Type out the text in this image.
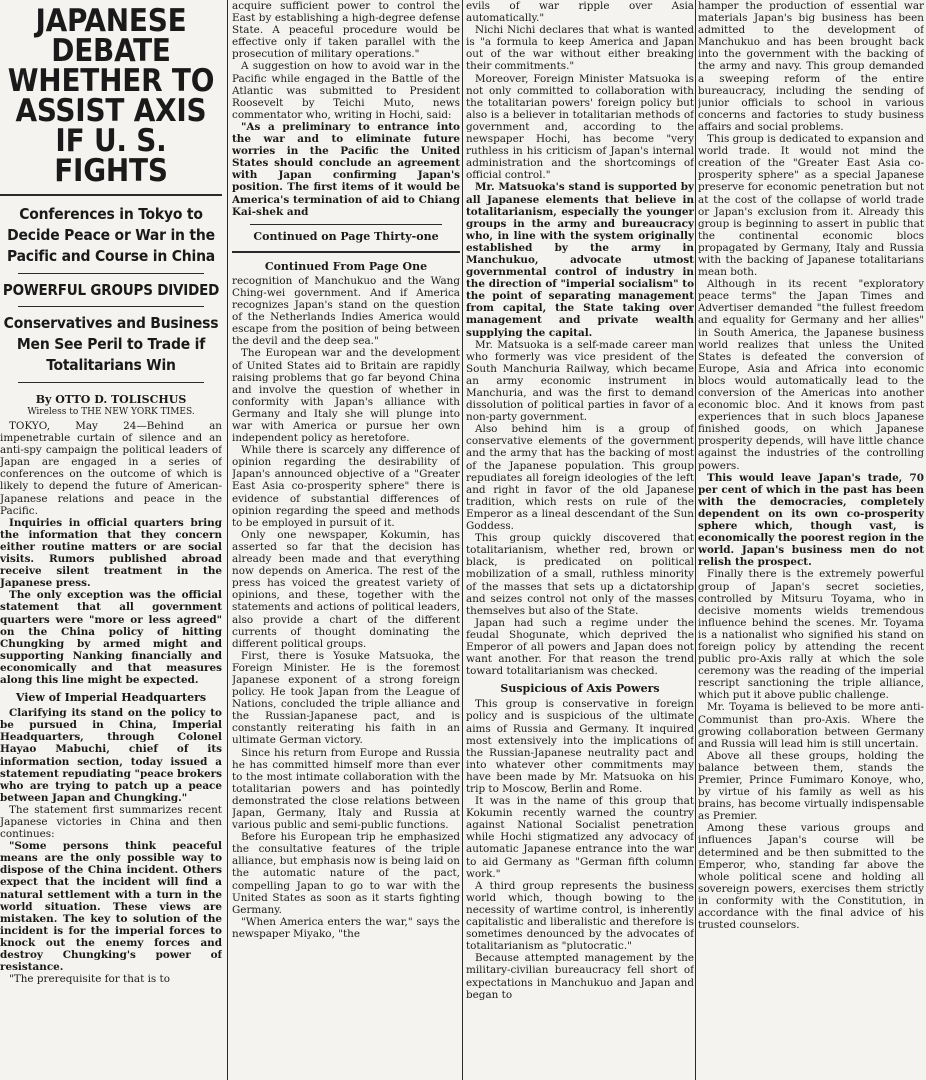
JAPANESE DEBATE WHETHER TO ASSIST AXIS IF U. S. FIGHTS
Conferences in Tokyo to Decide Peace or War in the Pacific and Course in China
POWERFUL GROUPS DIVIDED
Conservatives and Business Men See Peril to Trade if Totalitarians Win
By OTTO D. TOLISCHUS
Wireless to THE NEW YORK TIMES.

TOKYO, May 24—Behind an impenetrable curtain of silence and an anti-spy campaign the political leaders of Japan are engaged in a series of conferences on the outcome of which is likely to depend the future of American-Japanese relations and peace in the Pacific.

Inquiries in official quarters bring the information that they concern either routine matters or are social visits. Rumors published abroad receive silent treatment in the Japanese press.

The only exception was the official statement that all government quarters were "more or less agreed" on the China policy of hitting Chungking by armed might and supporting Nanking financially and economically and that measures along this line might be expected.

View of Imperial Headquarters

Clarifying its stand on the policy to be pursued in China, Imperial Headquarters, through Colonel Hayao Mabuchi, chief of its information section, today issued a statement repudiating "peace brokers who are trying to patch up a peace between Japan and Chungking."

The statement first summarizes recent Japanese victories in China and then continues:

"Some persons think peaceful means are the only possible way to dispose of the China incident. Others expect that the incident will find a natural settlement with a turn in the world situation. These views are mistaken. The key to solution of the incident is for the imperial forces to knock out the enemy forces and destroy Chungking's power of resistance.

"The prerequisite for that is to

acquire sufficient power to control the East by establishing a high-degree defense State. A peaceful procedure would be effective only if taken parallel with the prosecution of military operations."

A suggestion on how to avoid war in the Pacific while engaged in the Battle of the Atlantic was submitted to President Roosevelt by Teichi Muto, news commentator who, writing in Hochi, said:

"As a preliminary to entrance into the war and to eliminate future worries in the Pacific the United States should conclude an agreement with Japan confirming Japan's position. The first items of it would be America's termination of aid to Chiang Kai-shek and

Continued on Page Thirty-one

Continued From Page One

recognition of Manchukuo and the Wang Ching-wei government. And if America recognizes Japan's stand on the question of the Netherlands Indies America would escape from the position of being between the devil and the deep sea."

The European war and the development of United States aid to Britain are rapidly raising problems that go far beyond China and involve the question of whether in conformity with Japan's alliance with Germany and Italy she will plunge into war with America or pursue her own independent policy as heretofore.

While there is scarcely any difference of opinion regarding the desirability of Japan's announced objective of a "Greater East Asia co-prosperity sphere" there is evidence of substantial differences of opinion regarding the speed and methods to be employed in pursuit of it.

Only one newspaper, Kokumin, has asserted so far that the decision has already been made and that everything now depends on America. The rest of the press has voiced the greatest variety of opinions, and these, together with the statements and actions of political leaders, also provide a chart of the different currents of thought dominating the different political groups.

First, there is Yosuke Matsuoka, the Foreign Minister. He is the foremost Japanese exponent of a strong foreign policy. He took Japan from the League of Nations, concluded the triple alliance and the Russian-Japanese pact, and is constantly reiterating his faith in an ultimate German victory.

Since his return from Europe and Russia he has committed himself more than ever to the most intimate collaboration with the totalitarian powers and has pointedly demonstrated the close relations between Japan, Germany, Italy and Russia at various public and semi-public functions.

Before his European trip he emphasized the consultative features of the triple alliance, but emphasis now is being laid on the automatic nature of the pact, compelling Japan to go to war with the United States as soon as it starts fighting Germany.

"When America enters the war," says the newspaper Miyako, "the

evils of war ripple over Asia automatically."

Nichi Nichi declares that what is wanted is "a formula to keep America and Japan out of the war without either breaking their commitments."

Moreover, Foreign Minister Matsuoka is not only committed to collaboration with the totalitarian powers' foreign policy but also is a believer in totalitarian methods of government and, according to the newspaper Hochi, has become "very ruthless in his criticism of Japan's internal administration and the shortcomings of official control."

Mr. Matsuoka's stand is supported by all Japanese elements that believe in totalitarianism, especially the younger groups in the army and bureaucracy who, in line with the system originally established by the army in Manchukuo, advocate utmost governmental control of industry in the direction of "imperial socialism" to the point of separating management from capital, the State taking over management and private wealth supplying the capital.

Mr. Matsuoka is a self-made career man who formerly was vice president of the South Manchuria Railway, which became an army economic instrument in Manchuria, and was the first to demand dissolution of political parties in favor of a non-party government.

Also behind him is a group of conservative elements of the government and the army that has the backing of most of the Japanese population. This group repudiates all foreign ideologies of the left and right in favor of the old Japanese tradition, which rests on rule of the Emperor as a lineal descendant of the Sun Goddess.

This group quickly discovered that totalitarianism, whether red, brown or black, is predicated on political mobilization of a small, ruthless minority of the masses that sets up a dictatorship and seizes control not only of the masses themselves but also of the State.

Japan had such a regime under the feudal Shogunate, which deprived the Emperor of all powers and Japan does not want another. For that reason the trend toward totalitarianism was checked.

Suspicious of Axis Powers

This group is conservative in foreign policy and is suspicious of the ultimate aims of Russia and Germany. It inquired most extensively into the implications of the Russian-Japanese neutrality pact and into whatever other commitments may have been made by Mr. Matsuoka on his trip to Moscow, Berlin and Rome.

It was in the name of this group that Kokumin recently warned the country against National Socialist penetration while Hochi stigmatized any advocacy of automatic Japanese entrance into the war to aid Germany as "German fifth column work."

A third group represents the business world which, though bowing to the necessity of wartime control, is inherently capitalistic and liberalistic and therefore is sometimes denounced by the advocates of totalitarianism as "plutocratic."

Because attempted management by the military-civilian bureaucracy fell short of expectations in Manchukuo and Japan and began to

hamper the production of essential war materials Japan's big business has been admitted to the development of Manchukuo and has been brought back into the government with the backing of the army and navy. This group demanded a sweeping reform of the entire bureaucracy, including the sending of junior officials to school in various concerns and factories to study business affairs and social problems.

This group is dedicated to expansion and world trade. It would not mind the creation of the "Greater East Asia co-prosperity sphere" as a special Japanese preserve for economic penetration but not at the cost of the collapse of world trade or Japan's exclusion from it. Already this group is beginning to assert in public that the continental economic blocs propagated by Germany, Italy and Russia with the backing of Japanese totalitarians mean both.

Although in its recent "exploratory peace terms" the Japan Times and Advertiser demanded "the fullest freedom and equality for Germany and her allies" in South America, the Japanese business world realizes that unless the United States is defeated the conversion of Europe, Asia and Africa into economic blocs would automatically lead to the conversion of the Americas into another economic bloc. And it knows from past experiences that in such blocs Japanese finished goods, on which Japanese prosperity depends, will have little chance against the industries of the controlling powers.

This would leave Japan's trade, 70 per cent of which in the past has been with the democracies, completely dependent on its own co-prosperity sphere which, though vast, is economically the poorest region in the world. Japan's business men do not relish the prospect.

Finally there is the extremely powerful group of Japan's secret societies, controlled by Mitsuru Toyama, who in decisive moments wields tremendous influence behind the scenes. Mr. Toyama is a nationalist who signified his stand on foreign policy by attending the recent public pro-Axis rally at which the sole ceremony was the reading of the imperial rescript sanctioning the triple alliance, which put it above public challenge.

Mr. Toyama is believed to be more anti-Communist than pro-Axis. Where the growing collaboration between Germany and Russia will lead him is still uncertain.

Above all these groups, holding the balance between them, stands the Premier, Prince Fumimaro Konoye, who, by virtue of his family as well as his brains, has become virtually indispensable as Premier.

Among these various groups and influences Japan's course will be determined and be then submitted to the Emperor, who, standing far above the whole political scene and holding all sovereign powers, exercises them strictly in conformity with the Constitution, in accordance with the final advice of his trusted counselors.
